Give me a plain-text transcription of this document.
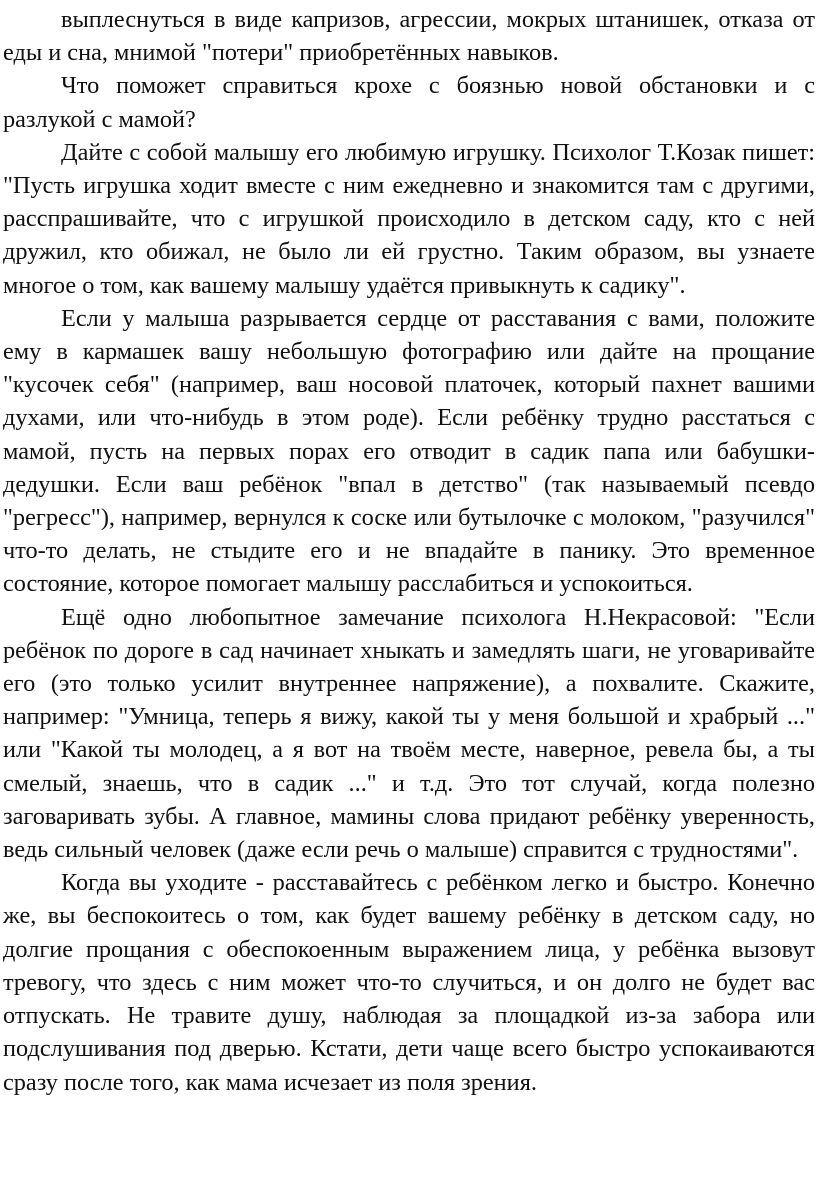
выплеснуться в виде капризов, агрессии, мокрых штанишек, отказа от еды и сна, мнимой "потери" приобретённых навыков.

Что поможет справиться крохе с боязнью новой обстановки и с разлукой с мамой?

Дайте с собой малышу его любимую игрушку. Психолог Т.Козак пишет: "Пусть игрушка ходит вместе с ним ежедневно и знакомится там с другими, расспрашивайте, что с игрушкой происходило в детском саду, кто с ней дружил, кто обижал, не было ли ей грустно. Таким образом, вы узнаете многое о том, как вашему малышу удаётся привыкнуть к садику".

Если у малыша разрывается сердце от расставания с вами, положите ему в кармашек вашу небольшую фотографию или дайте на прощание "кусочек себя" (например, ваш носовой платочек, который пахнет вашими духами, или что-нибудь в этом роде). Если ребёнку трудно расстаться с мамой, пусть на первых порах его отводит в садик папа или бабушки-дедушки. Если ваш ребёнок "впал в детство" (так называемый псевдо "регресс"), например, вернулся к соске или бутылочке с молоком, "разучился" что-то делать, не стыдите его и не впадайте в панику. Это временное состояние, которое помогает малышу расслабиться и успокоиться.

Ещё одно любопытное замечание психолога Н.Некрасовой: "Если ребёнок по дороге в сад начинает хныкать и замедлять шаги, не уговаривайте его (это только усилит внутреннее напряжение), а похвалите. Скажите, например: "Умница, теперь я вижу, какой ты у меня большой и храбрый ..." или "Какой ты молодец, а я вот на твоём месте, наверное, ревела бы, а ты смелый, знаешь, что в садик ..." и т.д. Это тот случай, когда полезно заговаривать зубы. А главное, мамины слова придают ребёнку уверенность, ведь сильный человек (даже если речь о малыше) справится с трудностями".

Когда вы уходите - расставайтесь с ребёнком легко и быстро. Конечно же, вы беспокоитесь о том, как будет вашему ребёнку в детском саду, но долгие прощания с обеспокоенным выражением лица, у ребёнка вызовут тревогу, что здесь с ним может что-то случиться, и он долго не будет вас отпускать. Не травите душу, наблюдая за площадкой из-за забора или подслушивания под дверью. Кстати, дети чаще всего быстро успокаиваются сразу после того, как мама исчезает из поля зрения.
